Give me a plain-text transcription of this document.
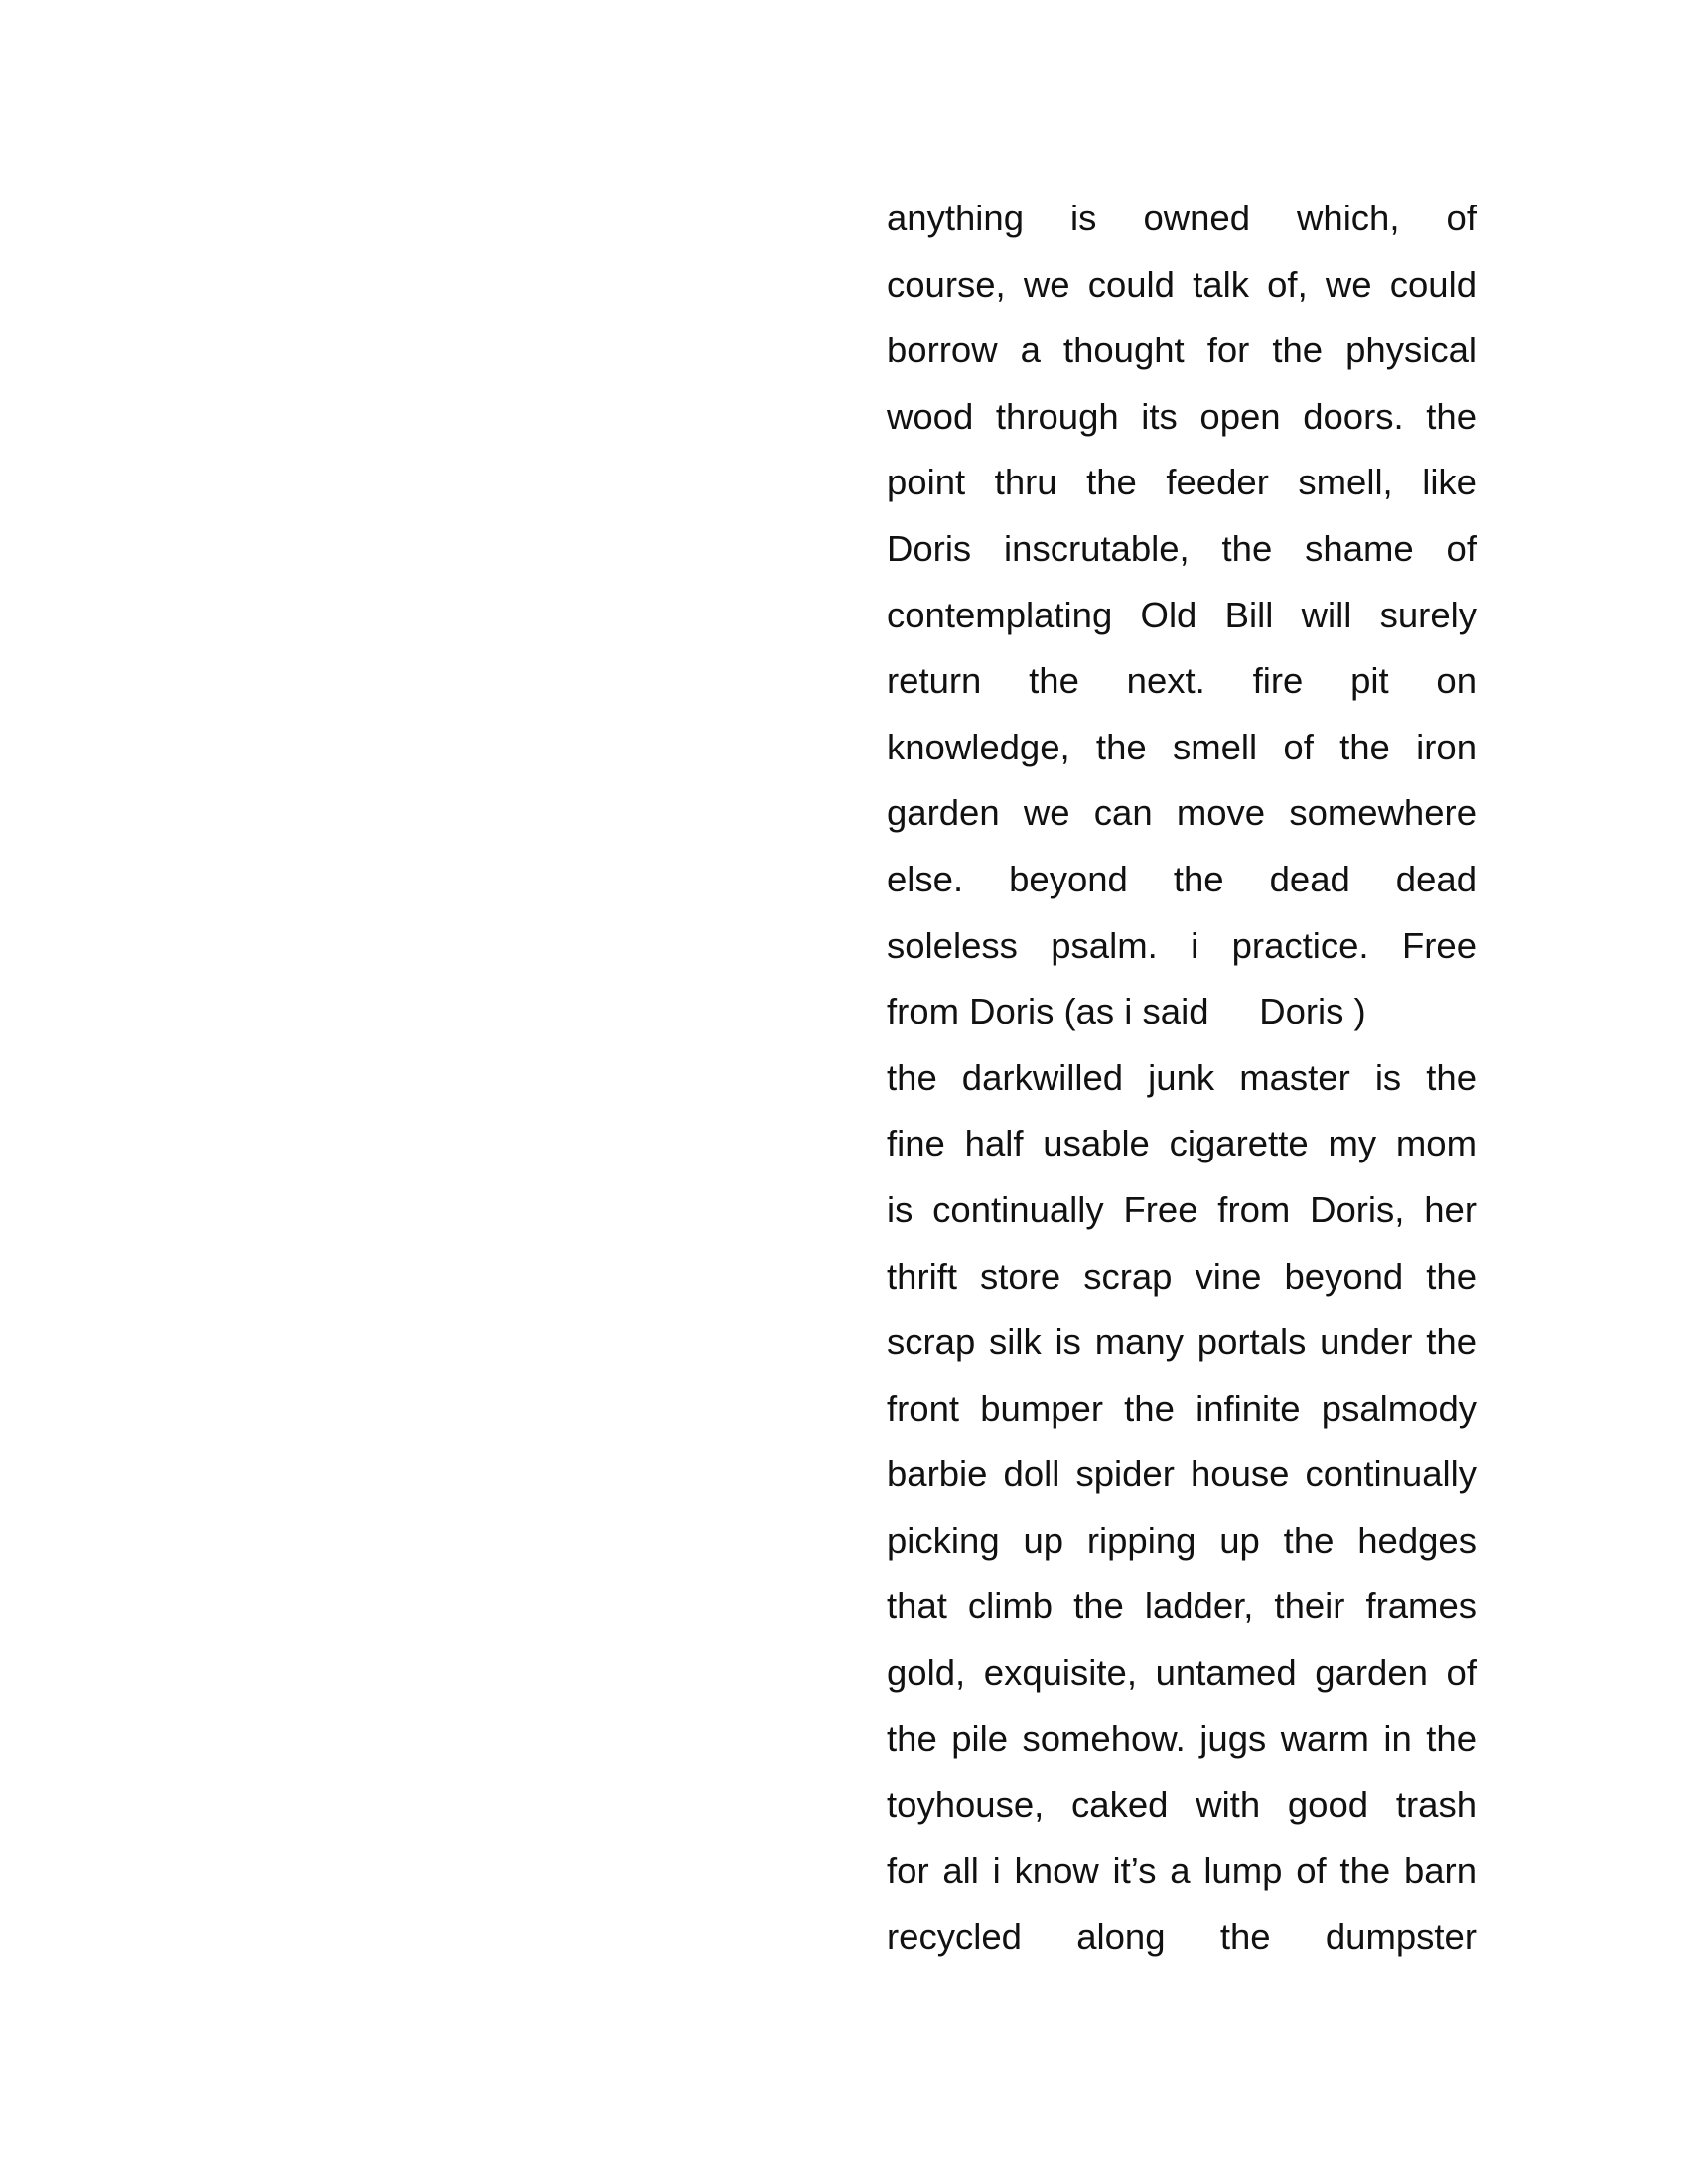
anything is owned which, of
course, we could talk of, we could
borrow a thought for the physical
wood through its open doors. the
point thru the feeder smell, like
Doris inscrutable, the shame of
contemplating Old Bill will surely
return the next. fire pit on
knowledge, the smell of the iron
garden we can move somewhere
else. beyond the dead dead
soleless psalm. i practice. Free
from Doris (as i said     Doris )
the darkwilled junk master is the
fine half usable cigarette my mom
is continually Free from Doris, her
thrift store scrap vine beyond the
scrap silk is many portals under the
front bumper the infinite psalmody
barbie doll spider house continually
picking up ripping up the hedges
that climb the ladder, their frames
gold, exquisite, untamed garden of
the pile somehow. jugs warm in the
toyhouse, caked with good trash
for all i know it’s a lump of the barn
recycled along the dumpster
